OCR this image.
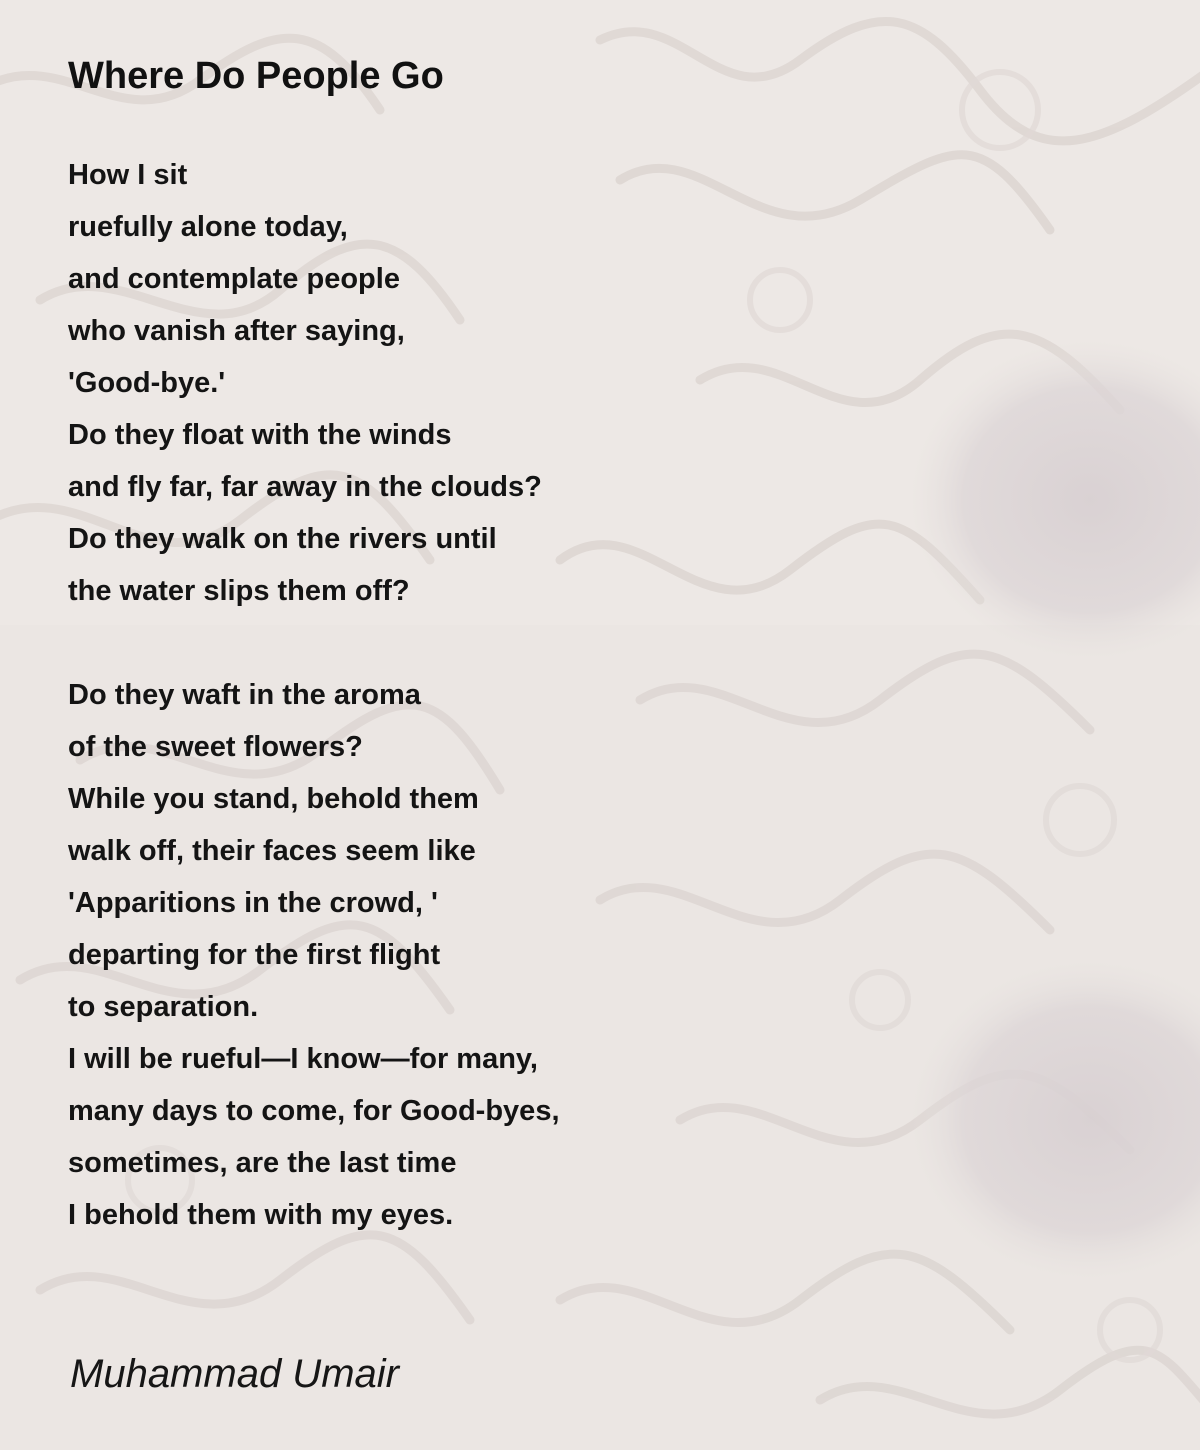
Where Do People Go
How I sit
ruefully alone today,
and contemplate people
who vanish after saying,
'Good-bye.'
Do they float with the winds
and fly far, far away in the clouds?
Do they walk on the rivers until
the water slips them off?
Do they waft in the aroma
of the sweet flowers?
While you stand, behold them
walk off, their faces seem like
'Apparitions in the crowd, '
departing for the first flight
to separation.
I will be rueful—I know—for many,
many days to come, for Good-byes,
sometimes, are the last time
I behold them with my eyes.
Muhammad Umair
